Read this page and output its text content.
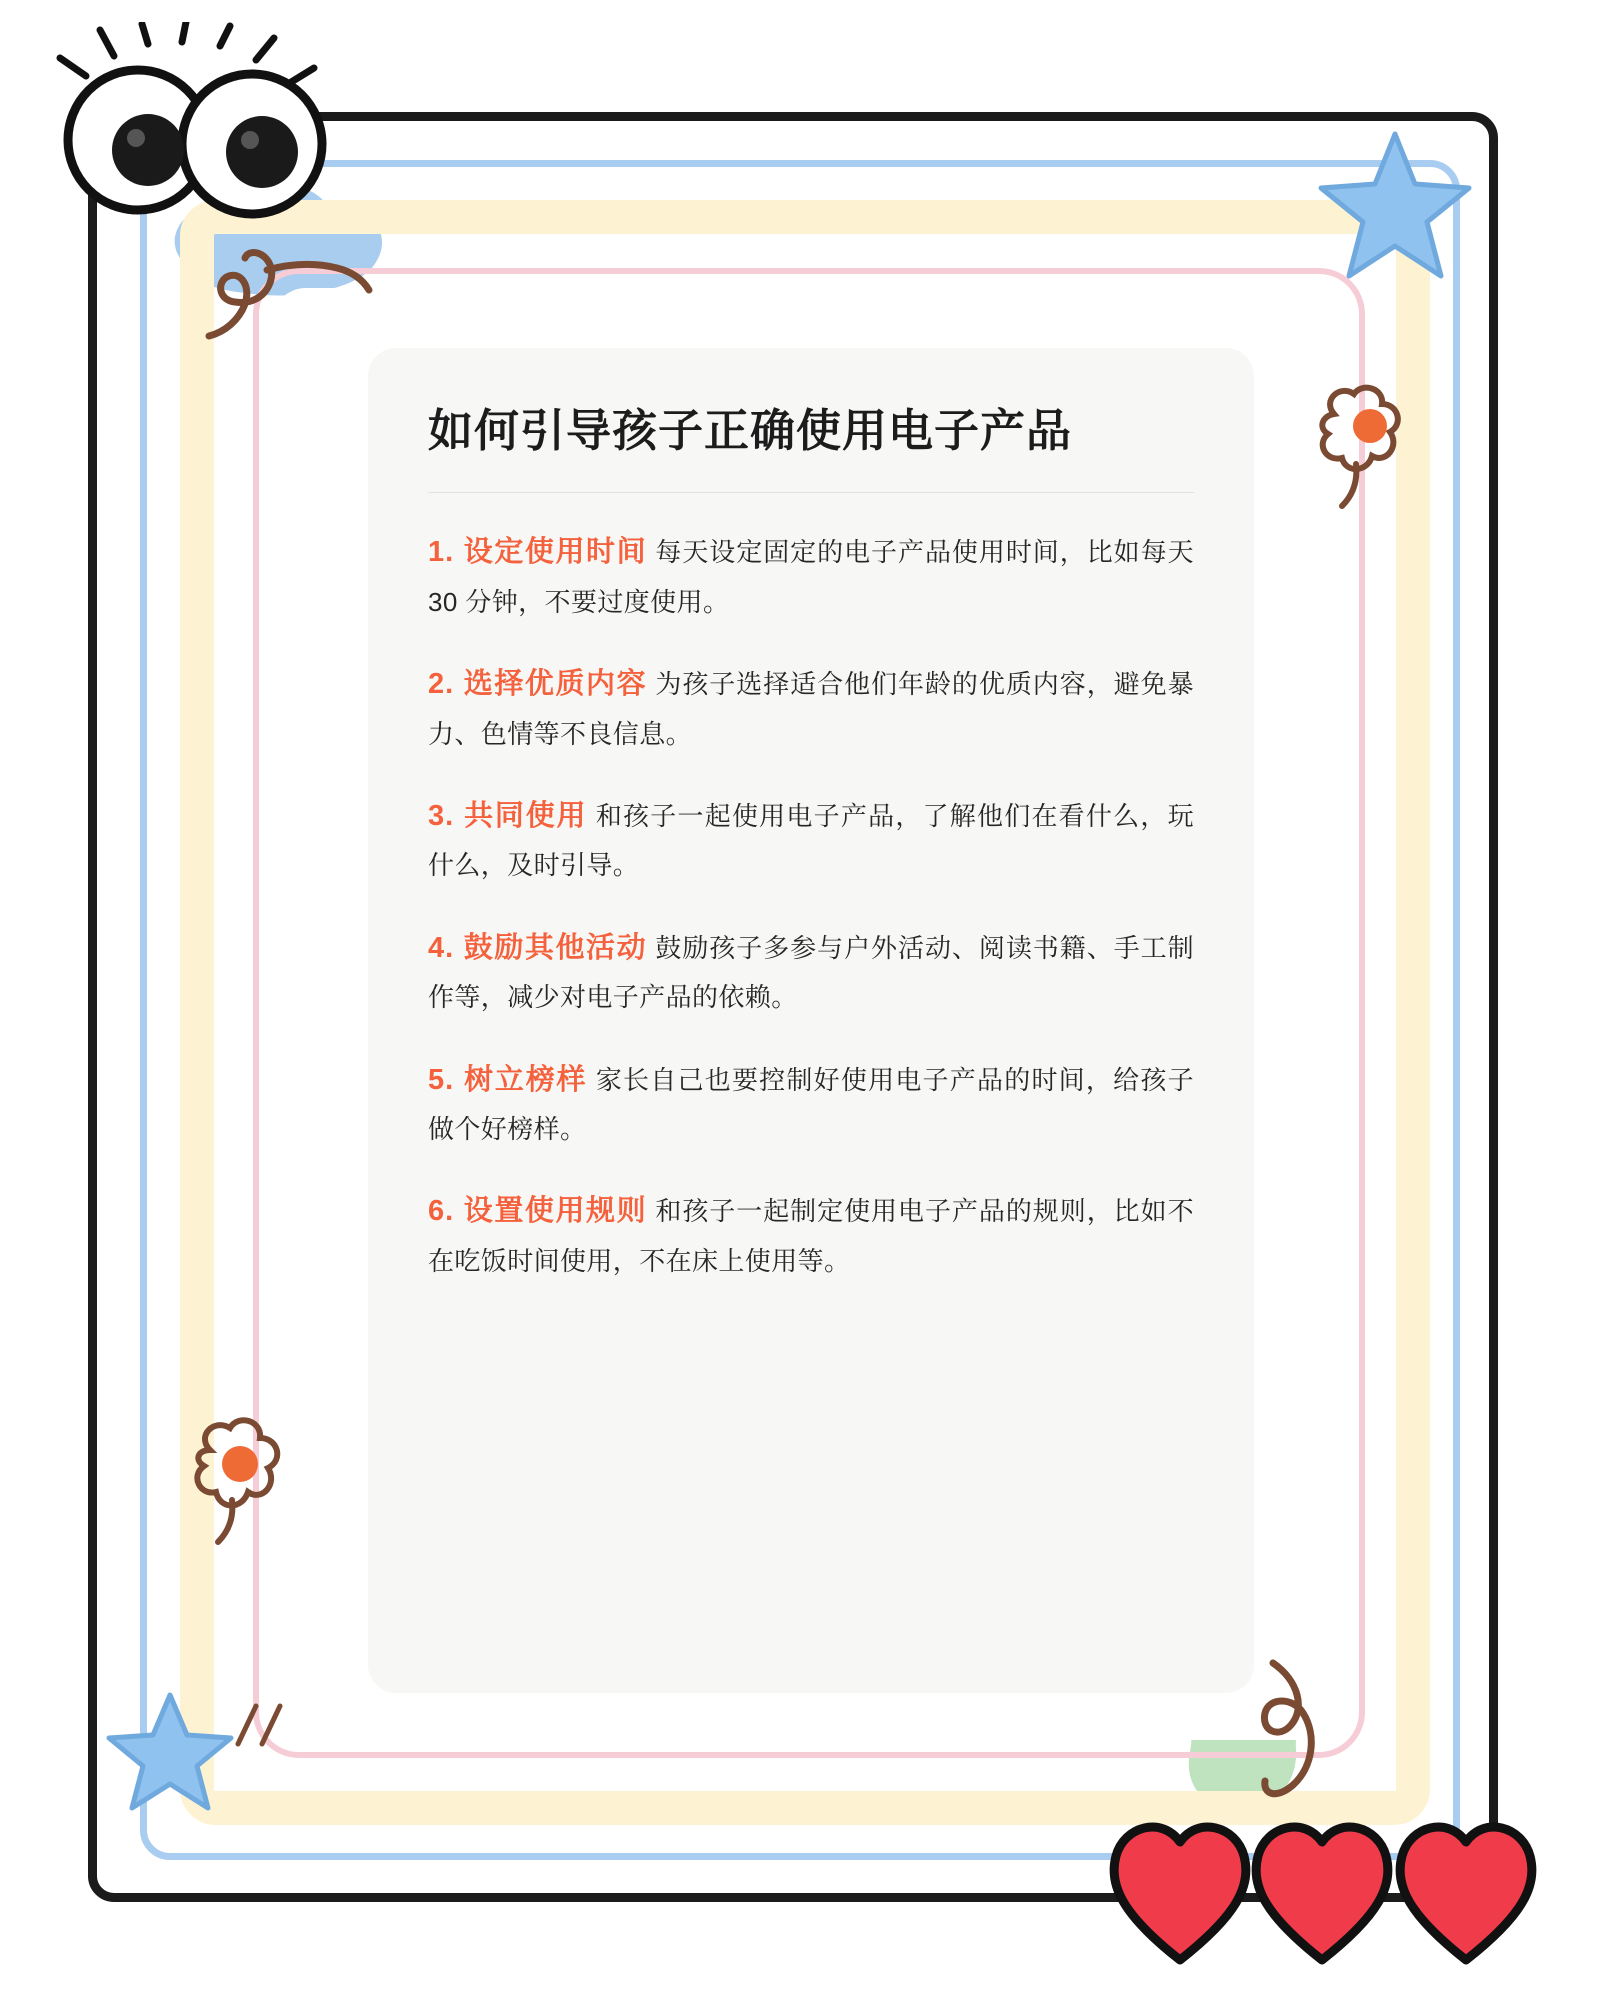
如何引导孩子正确使用电子产品

1. 设定使用时间 每天设定固定的电子产品使用时间，比如每天 30 分钟，不要过度使用。

2. 选择优质内容 为孩子选择适合他们年龄的优质内容，避免暴力、色情等不良信息。

3. 共同使用 和孩子一起使用电子产品，了解他们在看什么，玩什么，及时引导。

4. 鼓励其他活动 鼓励孩子多参与户外活动、阅读书籍、手工制作等，减少对电子产品的依赖。

5. 树立榜样 家长自己也要控制好使用电子产品的时间，给孩子做个好榜样。

6. 设置使用规则 和孩子一起制定使用电子产品的规则，比如不在吃饭时间使用，不在床上使用等。
